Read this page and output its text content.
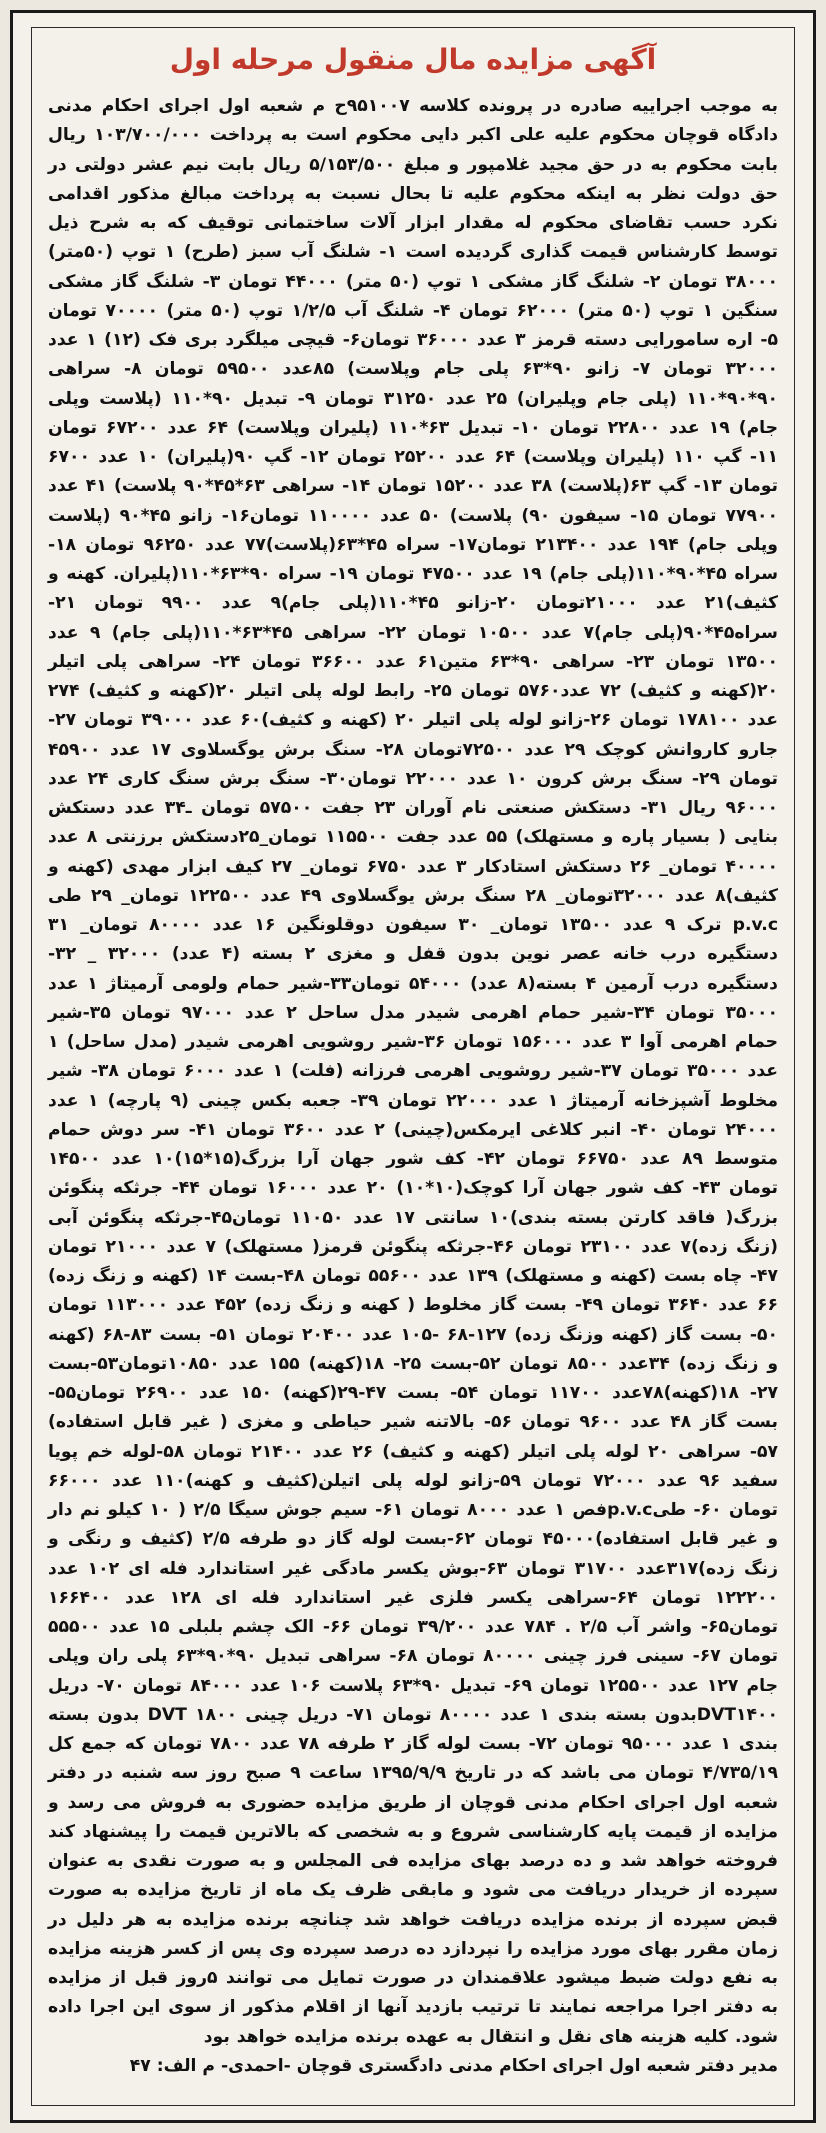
آگهی مزایده مال منقول مرحله اول

به موجب اجراییه صادره در پرونده کلاسه ۹۵۱۰۰۷ح م شعبه اول اجرای احکام مدنی دادگاه قوچان محکوم علیه علی اکبر دایی محکوم است به پرداخت ۱۰۳/۷۰۰/۰۰۰ ریال بابت محکوم به در حق مجید غلامپور و مبلغ ۵/۱۵۳/۵۰۰ ریال بابت نیم عشر دولتی در حق دولت نظر به اینکه محکوم علیه تا بحال نسبت به پرداخت مبالغ مذکور اقدامی نکرد حسب تقاضای محکوم له مقدار ابزار آلات ساختمانی توقیف که به شرح ذیل توسط کارشناس قیمت گذاری گردیده است ۱- شلنگ آب سبز (طرح) ۱ توپ (۵۰متر) ۳۸۰۰۰ تومان ۲- شلنگ گاز مشکی ۱ توپ (۵۰ متر) ۴۴۰۰۰ تومان ۳- شلنگ گاز مشکی سنگین ۱ توپ (۵۰ متر) ۶۲۰۰۰ تومان ۴- شلنگ آب ۱/۲/۵ توپ (۵۰ متر) ۷۰۰۰۰ تومان ۵- اره سامورایی دسته قرمز ۳ عدد ۳۶۰۰۰ تومان۶- قیچی میلگرد بری فک (۱۲) ۱ عدد ۳۲۰۰۰ تومان ۷- زانو ۹۰*۶۳ پلی جام وپلاست) ۸۵عدد ۵۹۵۰۰ تومان ۸- سراهی ۹۰*۹۰*۱۱۰ (پلی جام وپلیران) ۲۵ عدد ۳۱۲۵۰ تومان ۹- تبدیل ۹۰*۱۱۰ (پلاست وپلی جام) ۱۹ عدد ۲۲۸۰۰ تومان ۱۰- تبدیل ۶۳*۱۱۰ (پلیران وپلاست) ۶۴ عدد ۶۷۲۰۰ تومان ۱۱- گپ ۱۱۰ (پلیران وپلاست) ۶۴ عدد ۲۵۲۰۰ تومان ۱۲- گپ ۹۰(پلیران) ۱۰ عدد ۶۷۰۰ تومان ۱۳- گپ ۶۳(پلاست) ۳۸ عدد ۱۵۲۰۰ تومان ۱۴- سراهی ۶۳*۴۵*۹۰ پلاست) ۴۱ عدد ۷۷۹۰۰ تومان ۱۵- سیفون ۹۰) پلاست) ۵۰ عدد ۱۱۰۰۰۰ تومان۱۶- زانو ۴۵*۹۰ (پلاست وپلی جام) ۱۹۴ عدد ۲۱۳۴۰۰ تومان۱۷- سراه ۴۵*۶۳(پلاست)۷۷ عدد ۹۶۲۵۰ تومان ۱۸- سراه ۴۵*۹۰*۱۱۰(پلی جام) ۱۹ عدد ۴۷۵۰۰ تومان ۱۹- سراه ۹۰*۶۳*۱۱۰(پلیران. کهنه و کثیف)۲۱ عدد ۲۱۰۰۰تومان ۲۰-زانو ۴۵*۱۱۰(پلی جام)۹ عدد ۹۹۰۰ تومان ۲۱- سراه۴۵*۹۰(پلی جام)۷ عدد ۱۰۵۰۰ تومان ۲۲- سراهی ۴۵*۶۳*۱۱۰(پلی جام) ۹ عدد ۱۳۵۰۰ تومان ۲۳- سراهی ۹۰*۶۳ متین۶۱ عدد ۳۶۶۰۰ تومان ۲۴- سراهی پلی اتیلر ۲۰(کهنه و کثیف) ۷۲ عدد۵۷۶۰ تومان ۲۵- رابط لوله پلی اتیلر ۲۰(کهنه و کثیف) ۲۷۴ عدد ۱۷۸۱۰۰ تومان ۲۶-زانو لوله پلی اتیلر ۲۰ (کهنه و کثیف)۶۰ عدد ۳۹۰۰۰ تومان ۲۷- جارو کاروانش کوچک ۲۹ عدد ۷۲۵۰۰تومان ۲۸- سنگ برش یوگسلاوی ۱۷ عدد ۴۵۹۰۰ تومان ۲۹- سنگ برش کرون ۱۰ عدد ۲۲۰۰۰ تومان۳۰- سنگ برش سنگ کاری ۲۴ عدد ۹۶۰۰۰ ریال ۳۱- دستکش صنعتی نام آوران ۲۳ جفت ۵۷۵۰۰ تومان ـ۳۴ عدد دستکش بنایی ( بسیار پاره و مستهلک) ۵۵ عدد جفت ۱۱۵۵۰۰ تومان_۲۵دستکش برزنتی ۸ عدد ۴۰۰۰۰ تومان_ ۲۶ دستکش استادکار ۳ عدد ۶۷۵۰ تومان_ ۲۷ کیف ابزار مهدی (کهنه و کثیف)۸ عدد ۳۲۰۰۰تومان_ ۲۸ سنگ برش یوگسلاوی ۴۹ عدد ۱۲۲۵۰۰ تومان_ ۲۹ طی p.v.c ترک ۹ عدد ۱۳۵۰۰ تومان_ ۳۰ سیفون دوقلونگین ۱۶ عدد ۸۰۰۰۰ تومان_ ۳۱ دستگیره درب خانه عصر نوین بدون قفل و مغزی ۲ بسته (۴ عدد) ۳۲۰۰۰ _ ۳۲-دستگیره درب آرمین ۴ بسته(۸ عدد) ۵۴۰۰۰ تومان۳۳-شیر حمام ولومی آرمیتاژ ۱ عدد ۳۵۰۰۰ تومان ۳۴-شیر حمام اهرمی شیدر مدل ساحل ۲ عدد ۹۷۰۰۰ تومان ۳۵-شیر حمام اهرمی آوا ۳ عدد ۱۵۶۰۰۰ تومان ۳۶-شیر روشویی اهرمی شیدر (مدل ساحل) ۱ عدد ۳۵۰۰۰ تومان ۳۷-شیر روشویی اهرمی فرزانه (فلت) ۱ عدد ۶۰۰۰ تومان ۳۸- شیر مخلوط آشپزخانه آرمیتاژ ۱ عدد ۲۲۰۰۰ تومان ۳۹- جعبه بکس چینی (۹ پارچه) ۱ عدد ۲۴۰۰۰ تومان ۴۰- انبر کلاغی ایرمکس(چینی) ۲ عدد ۳۶۰۰ تومان ۴۱- سر دوش حمام متوسط ۸۹ عدد ۶۶۷۵۰ تومان ۴۲- کف شور جهان آرا بزرگ(۱۵*۱۵)۱۰ عدد ۱۴۵۰۰ تومان ۴۳- کف شور جهان آرا کوچک(۱۰*۱۰) ۲۰ عدد ۱۶۰۰۰ تومان ۴۴- جرثکه پنگوئن بزرگ( فاقد کارتن بسته بندی)۱۰ سانتی ۱۷ عدد ۱۱۰۵۰ تومان۴۵-جرثکه پنگوئن آبی (زنگ زده)۷ عدد ۲۳۱۰۰ تومان ۴۶-جرثکه پنگوئن قرمز( مستهلک) ۷ عدد ۲۱۰۰۰ تومان ۴۷- چاه بست (کهنه و مستهلک) ۱۳۹ عدد ۵۵۶۰۰ تومان ۴۸-بست ۱۴ (کهنه و زنگ زده) ۶۶ عدد ۳۶۴۰ تومان ۴۹- بست گاز مخلوط ( کهنه و زنگ زده) ۴۵۲ عدد ۱۱۳۰۰۰ تومان ۵۰- بست گاز (کهنه وزنگ زده) ۱۲۷-۶۸ -۱۰۵ عدد ۲۰۴۰۰ تومان ۵۱- بست ۸۳-۶۸ (کهنه و زنگ زده) ۳۴عدد ۸۵۰۰ تومان ۵۲-بست ۲۵- ۱۸(کهنه) ۱۵۵ عدد ۱۰۸۵۰تومان۵۳-بست ۲۷- ۱۸(کهنه)۷۸عدد ۱۱۷۰۰ تومان ۵۴- بست ۴۷-۲۹(کهنه) ۱۵۰ عدد ۲۶۹۰۰ تومان۵۵-بست گاز ۴۸ عدد ۹۶۰۰ تومان ۵۶- بالاتنه شیر حیاطی و مغزی ( غیر قابل استفاده) ۵۷- سراهی ۲۰ لوله پلی اتیلر (کهنه و کثیف) ۲۶ عدد ۲۱۴۰۰ تومان ۵۸-لوله خم پویا سفید ۹۶ عدد ۷۲۰۰۰ تومان ۵۹-زانو لوله پلی اتیلن(کثیف و کهنه)۱۱۰ عدد ۶۶۰۰۰ تومان ۶۰- طیp.v.cفص ۱ عدد ۸۰۰۰ تومان ۶۱- سیم جوش سیگا ۲/۵ ( ۱۰ کیلو نم دار و غیر قابل استفاده)۴۵۰۰۰ تومان ۶۲-بست لوله گاز دو طرفه ۲/۵ (کثیف و رنگی و زنگ زده)۳۱۷عدد ۳۱۷۰۰ تومان ۶۳-بوش یکسر مادگی غیر استاندارد فله ای ۱۰۲ عدد ۱۲۲۲۰۰ تومان ۶۴-سراهی یکسر فلزی غیر استاندارد فله ای ۱۲۸ عدد ۱۶۶۴۰۰ تومان۶۵- واشر آب ۲/۵ . ۷۸۴ عدد ۳۹/۲۰۰ تومان ۶۶- الک چشم بلبلی ۱۵ عدد ۵۵۵۰۰ تومان ۶۷- سینی فرز چینی ۸۰۰۰۰ تومان ۶۸- سراهی تبدیل ۹۰*۹۰*۶۳ پلی ران وپلی جام ۱۲۷ عدد ۱۲۵۵۰۰ تومان ۶۹- تبدیل ۹۰*۶۳ پلاست ۱۰۶ عدد ۸۴۰۰۰ تومان ۷۰- دریل DVT۱۴۰۰بدون بسته بندی ۱ عدد ۸۰۰۰۰ تومان ۷۱- دریل چینی DVT ۱۸۰۰ بدون بسته بندی ۱ عدد ۹۵۰۰۰ تومان ۷۲- بست لوله گاز ۲ طرفه ۷۸ عدد ۷۸۰۰ تومان که جمع کل ۴/۷۳۵/۱۹ تومان می باشد که در تاریخ ۱۳۹۵/۹/۹ ساعت ۹ صبح روز سه شنبه در دفتر شعبه اول اجرای احکام مدنی قوچان از طریق مزایده حضوری به فروش می رسد و مزایده از قیمت پایه کارشناسی شروع و به شخصی که بالاترین قیمت را پیشنهاد کند فروخته خواهد شد و ده درصد بهای مزایده فی المجلس و به صورت نقدی به عنوان سپرده از خریدار دریافت می شود و مابقی ظرف یک ماه از تاریخ مزایده به صورت قبض سپرده از برنده مزایده دریافت خواهد شد چنانچه برنده مزایده به هر دلیل در زمان مقرر بهای مورد مزایده را نپردازد ده درصد سپرده وی پس از کسر هزینه مزایده به نفع دولت ضبط میشود علاقمندان در صورت تمایل می توانند ۵روز قبل از مزایده به دفتر اجرا مراجعه نمایند تا ترتیب بازدید آنها از اقلام مذکور از سوی این اجرا داده شود. کلیه هزینه های نقل و انتقال به عهده برنده مزایده خواهد بود

مدیر دفتر شعبه اول اجرای احکام مدنی دادگستری قوچان -احمدی- م الف: ۴۷
